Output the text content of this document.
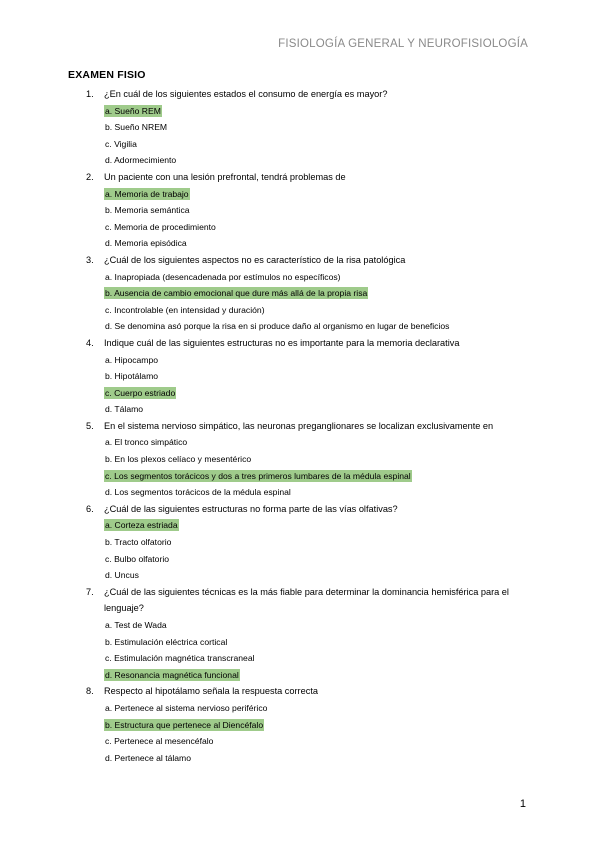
FISIOLOGÍA GENERAL Y NEUROFISIOLOGÍA
EXAMEN FISIO
1. ¿En cuál de los siguientes estados el consumo de energía es mayor?
a. Sueño REM
b. Sueño NREM
c. Vigilia
d. Adormecimiento
2. Un paciente con una lesión prefrontal, tendrá problemas de
a. Memoria de trabajo
b. Memoria semántica
c. Memoria de procedimiento
d. Memoria episódica
3. ¿Cuál de los siguientes aspectos no es característico de la risa patológica
a. Inapropiada (desencadenada por estímulos no específicos)
b. Ausencia de cambio emocional que dure más allá de la propia risa
c. Incontrolable (en intensidad y duración)
d. Se denomina asó porque la risa en si produce daño al organismo en lugar de beneficios
4. Indique cuál de las siguientes estructuras no es importante para la memoria declarativa
a. Hipocampo
b. Hipotálamo
c. Cuerpo estriado
d. Tálamo
5. En el sistema nervioso simpático, las neuronas preganglionares se localizan exclusivamente en
a. El tronco simpático
b. En los plexos celíaco y mesentérico
c. Los segmentos torácicos y dos a tres primeros lumbares de la médula espinal
d. Los segmentos torácicos de la médula espinal
6. ¿Cuál de las siguientes estructuras no forma parte de las vías olfativas?
a. Corteza estriada
b. Tracto olfatorio
c. Bulbo olfatorio
d. Uncus
7. ¿Cuál de las siguientes técnicas es la más fiable para determinar la dominancia hemisférica para el lenguaje?
a. Test de Wada
b. Estimulación eléctrica cortical
c. Estimulación magnética transcraneal
d. Resonancia magnética funcional
8. Respecto al hipotálamo señala la respuesta correcta
a. Pertenece al sistema nervioso periférico
b. Estructura que pertenece al Diencéfalo
c. Pertenece al mesencéfalo
d. Pertenece al tálamo
1
